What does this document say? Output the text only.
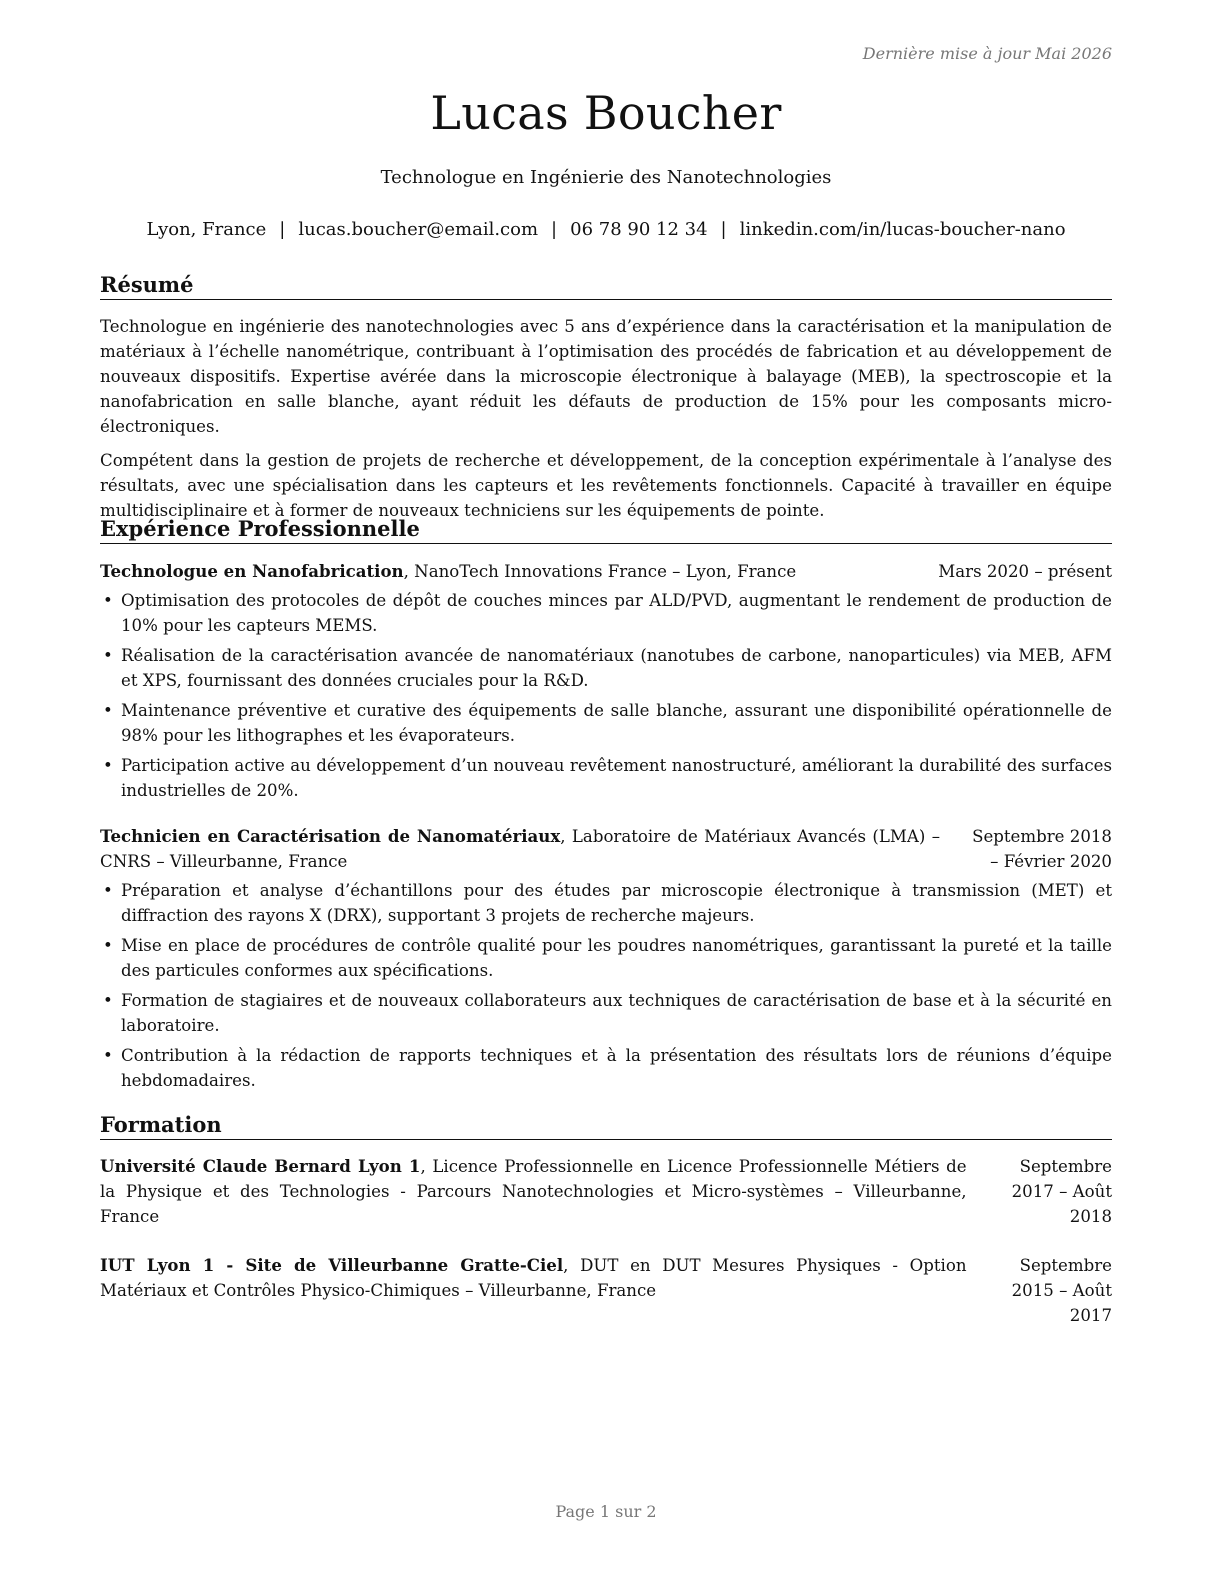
Dernière mise à jour Mai 2026
Lucas Boucher
Technologue en Ingénierie des Nanotechnologies
Lyon, France | lucas.boucher@email.com | 06 78 90 12 34 | linkedin.com/in/lucas-boucher-nano
Résumé

Technologue en ingénierie des nanotechnologies avec 5 ans d’expérience dans la caractérisation et la manipulation de matériaux à l’échelle nanométrique, contribuant à l’optimisation des procédés de fabrication et au développement de nouveaux dispositifs. Expertise avérée dans la microscopie électronique à balayage (MEB), la spectroscopie et la nanofabrication en salle blanche, ayant réduit les défauts de production de 15% pour les composants micro-électroniques.

Compétent dans la gestion de projets de recherche et développement, de la conception expérimentale à l’analyse des résultats, avec une spécialisation dans les capteurs et les revêtements fonctionnels. Capacité à travailler en équipe multidisciplinaire et à former de nouveaux techniciens sur les équipements de pointe.

Expérience Professionnelle
Technologue en Nanofabrication, NanoTech Innovations France – Lyon, France	Mars 2020 – présent
• Optimisation des protocoles de dépôt de couches minces par ALD/PVD, augmentant le rendement de production de 10% pour les capteurs MEMS.
• Réalisation de la caractérisation avancée de nanomatériaux (nanotubes de carbone, nanoparticules) via MEB, AFM et XPS, fournissant des données cruciales pour la R&D.
• Maintenance préventive et curative des équipements de salle blanche, assurant une disponibilité opérationnelle de 98% pour les lithographes et les évaporateurs.
• Participation active au développement d’un nouveau revêtement nanostructuré, améliorant la durabilité des surfaces industrielles de 20%.
Technicien en Caractérisation de Nanomatériaux, Laboratoire de Matériaux Avancés (LMA) – CNRS – Villeurbanne, France
Septembre 2018 – Février 2020
• Préparation et analyse d’échantillons pour des études par microscopie électronique à transmission (MET) et diffraction des rayons X (DRX), supportant 3 projets de recherche majeurs.
• Mise en place de procédures de contrôle qualité pour les poudres nanométriques, garantissant la pureté et la taille des particules conformes aux spécifications.
• Formation de stagiaires et de nouveaux collaborateurs aux techniques de caractérisation de base et à la sécurité en laboratoire.
• Contribution à la rédaction de rapports techniques et à la présentation des résultats lors de réunions d’équipe hebdomadaires.
Formation
Université Claude Bernard Lyon 1, Licence Professionnelle en Licence Professionnelle Métiers de la Physique et des Technologies - Parcours Nanotechnologies et Micro-systèmes – Villeurbanne, France
Septembre 2017 – Août 2018
IUT Lyon 1 - Site de Villeurbanne Gratte-Ciel, DUT en DUT Mesures Physiques - Option Matériaux et Contrôles Physico-Chimiques – Villeurbanne, France
Septembre 2015 – Août 2017
Page 1 sur 2
